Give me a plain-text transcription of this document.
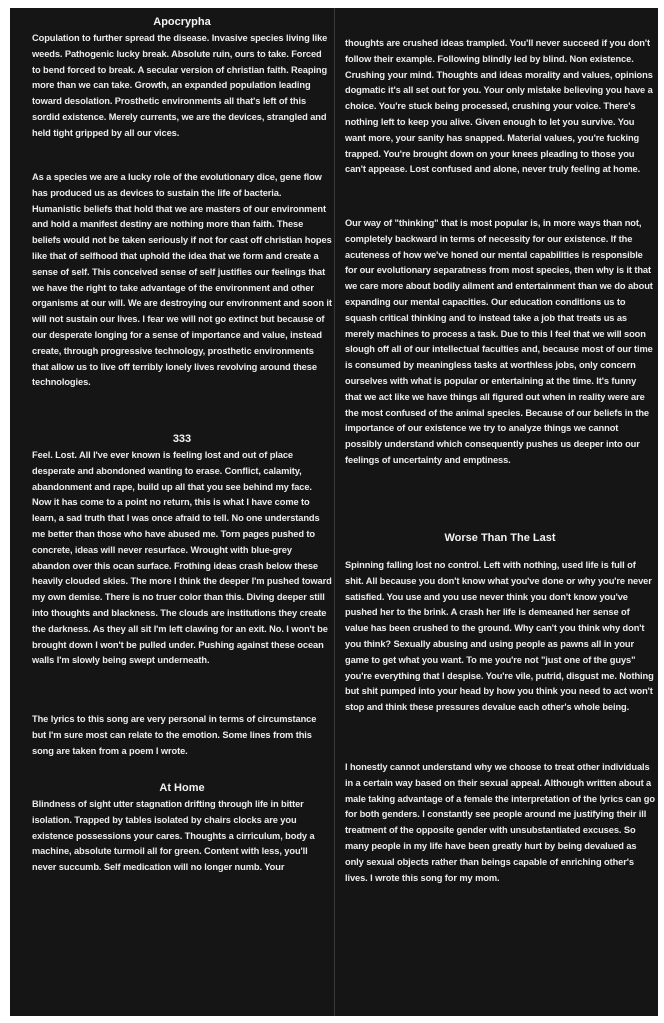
Apocrypha

Copulation to further spread the disease. Invasive species living like weeds. Pathogenic lucky break. Absolute ruin, ours to take. Forced to bend forced to break. A secular version of christian faith. Reaping more than we can take. Growth, an expanded population leading toward desolation. Prosthetic environments all that's left of this sordid existence. Merely currents, we are the devices, strangled and held tight gripped by all our vices.

As a species we are a lucky role of the evolutionary dice, gene flow has produced us as devices to sustain the life of bacteria. Humanistic beliefs that hold that we are masters of our environment and hold a manifest destiny are nothing more than faith. These beliefs would not be taken seriously if not for cast off christian hopes like that of selfhood that uphold the idea that we form and create a sense of self. This conceived sense of self justifies our feelings that we have the right to take advantage of the environment and other organisms at our will. We are destroying our environment and soon it will not sustain our lives. I fear we will not go extinct but because of our desperate longing for a sense of importance and value, instead create, through progressive technology, prosthetic environments that allow us to live off terribly lonely lives revolving around these technologies.

333

Feel. Lost. All I've ever known is feeling lost and out of place desperate and abondoned wanting to erase. Conflict, calamity, abandonment and rape, build up all that you see behind my face. Now it has come to a point no return, this is what I have come to learn, a sad truth that I was once afraid to tell. No one understands me better than those who have abused me. Torn pages pushed to concrete, ideas will never resurface. Wrought with blue-grey abandon over this ocan surface. Frothing ideas crash below these heavily clouded skies. The more I think the deeper I'm pushed toward my own demise. There is no truer color than this. Diving deeper still into thoughts and blackness. The clouds are institutions they create the darkness. As they all sit I'm left clawing for an exit. No. I won't be brought down I won't be pulled under. Pushing against these ocean walls I'm slowly being swept underneath.

The lyrics to this song are very personal in terms of circumstance but I'm sure most can relate to the emotion. Some lines from this song are taken from a poem I wrote.

At Home

Blindness of sight utter stagnation drifting through life in bitter isolation. Trapped by tables isolated by chairs clocks are you existence possessions your cares. Thoughts a cirriculum, body a machine, absolute turmoil all for green. Content with less, you'll never succumb. Self medication will no longer numb. Your

thoughts are crushed ideas trampled. You'll never succeed if you don't follow their example. Following blindly led by blind. Non existence. Crushing your mind. Thoughts and ideas morality and values, opinions dogmatic it's all set out for you. Your only mistake believing you have a choice. You're stuck being processed, crushing your voice. There's nothing left to keep you alive. Given enough to let you survive. You want more, your sanity has snapped. Material values, you're fucking trapped. You're brought down on your knees pleading to those you can't appease. Lost confused and alone, never truly feeling at home.

Our way of "thinking" that is most popular is, in more ways than not, completely backward in terms of necessity for our existence. If the acuteness of how we've honed our mental capabilities is responsible for our evolutionary separatness from most species, then why is it that we care more about bodily ailment and entertainment than we do about expanding our mental capacities. Our education conditions us to squash critical thinking and to instead take a job that treats us as merely machines to process a task. Due to this I feel that we will soon slough off all of our intellectual faculties and, because most of our time is consumed by meaningless tasks at worthless jobs, only concern ourselves with what is popular or entertaining at the time. It's funny that we act like we have things all figured out when in reality were are the most confused of the animal species. Because of our beliefs in the importance of our existence we try to analyze things we cannot possibly understand which consequently pushes us deeper into our feelings of uncertainty and emptiness.

Worse Than The Last

Spinning falling lost no control. Left with nothing, used life is full of shit. All because you don't know what you've done or why you're never satisfied. You use and you use never think you don't know you've pushed her to the brink. A crash her life is demeaned her sense of value has been crushed to the ground. Why can't you think why don't you think? Sexually abusing and using people as pawns all in your game to get what you want. To me you're not "just one of the guys" you're everything that I despise. You're vile, putrid, disgust me. Nothing but shit pumped into your head by how you think you need to act won't stop and think these pressures devalue each other's whole being.

I honestly cannot understand why we choose to treat other individuals in a certain way based on their sexual appeal. Although written about a male taking advantage of a female the interpretation of the lyrics can go for both genders. I constantly see people around me justifying their ill treatment of the opposite gender with unsubstantiated excuses. So many people in my life have been greatly hurt by being devalued as only sexual objects rather than beings capable of enriching other's lives. I wrote this song for my mom.
